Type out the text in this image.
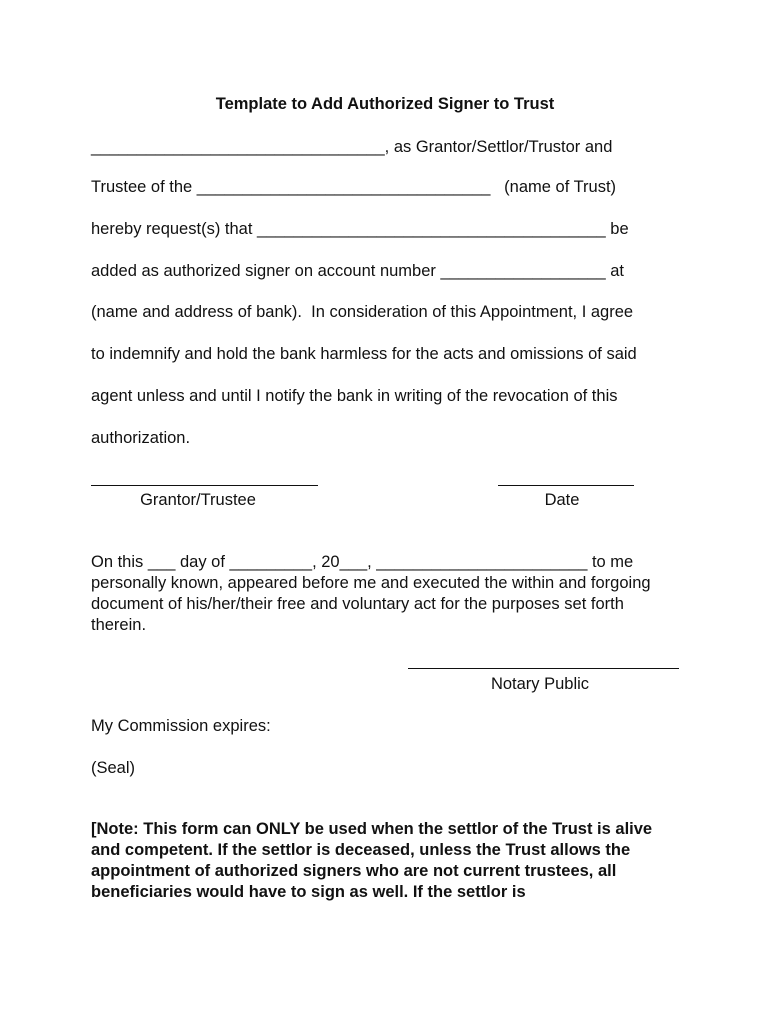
Template to Add Authorized Signer to Trust
________________________________, as Grantor/Settlor/Trustor and
Trustee of the ________________________________   (name of Trust)
hereby request(s) that ______________________________________ be
added as authorized signer on account number __________________ at
(name and address of bank).  In consideration of this Appointment, I agree
to indemnify and hold the bank harmless for the acts and omissions of said
agent unless and until I notify the bank in writing of the revocation of this
authorization.
Grantor/Trustee	Date
On this ___ day of _________, 20___, _______________________ to me personally known, appeared before me and executed the within and forgoing document of his/her/their free and voluntary act for the purposes set forth therein.
Notary Public
My Commission expires:
(Seal)
[Note: This form can ONLY be used when the settlor of the Trust is alive and competent. If the settlor is deceased, unless the Trust allows the appointment of authorized signers who are not current trustees, all beneficiaries would have to sign as well. If the settlor is
